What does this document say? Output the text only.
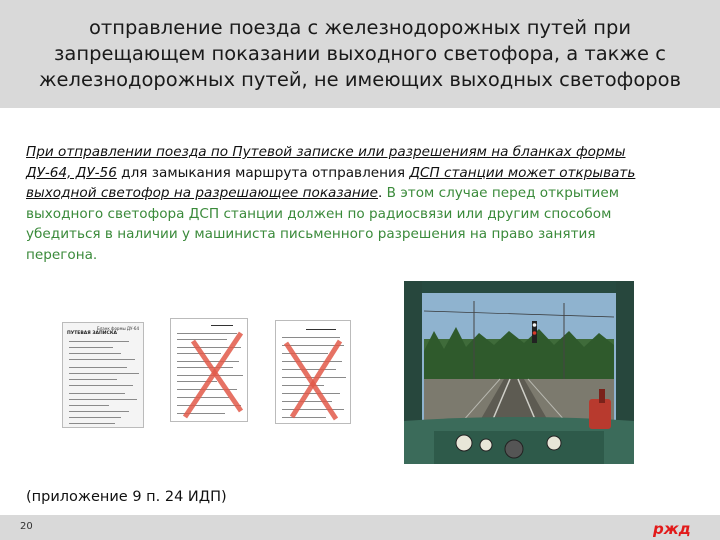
отправление поезда с железнодорожных путей при
запрещающем показании выходного светофора, а также с
железнодорожных путей, не имеющих выходных светофоров
При отправлении поезда по Путевой записке или разрешениям на бланках формы ДУ-64, ДУ-56 для замыкания маршрута отправления ДСП станции может открывать выходной светофор на разрешающее показание. В этом случае перед открытием выходного светофора ДСП станции должен по радиосвязи или другим способом убедиться в наличии у машиниста письменного разрешения на право занятия перегона.
Бланк формы ДУ-64
ПУТЕВАЯ ЗАПИСКА
(приложение 9 п. 24 ИДП)
20	ржд
